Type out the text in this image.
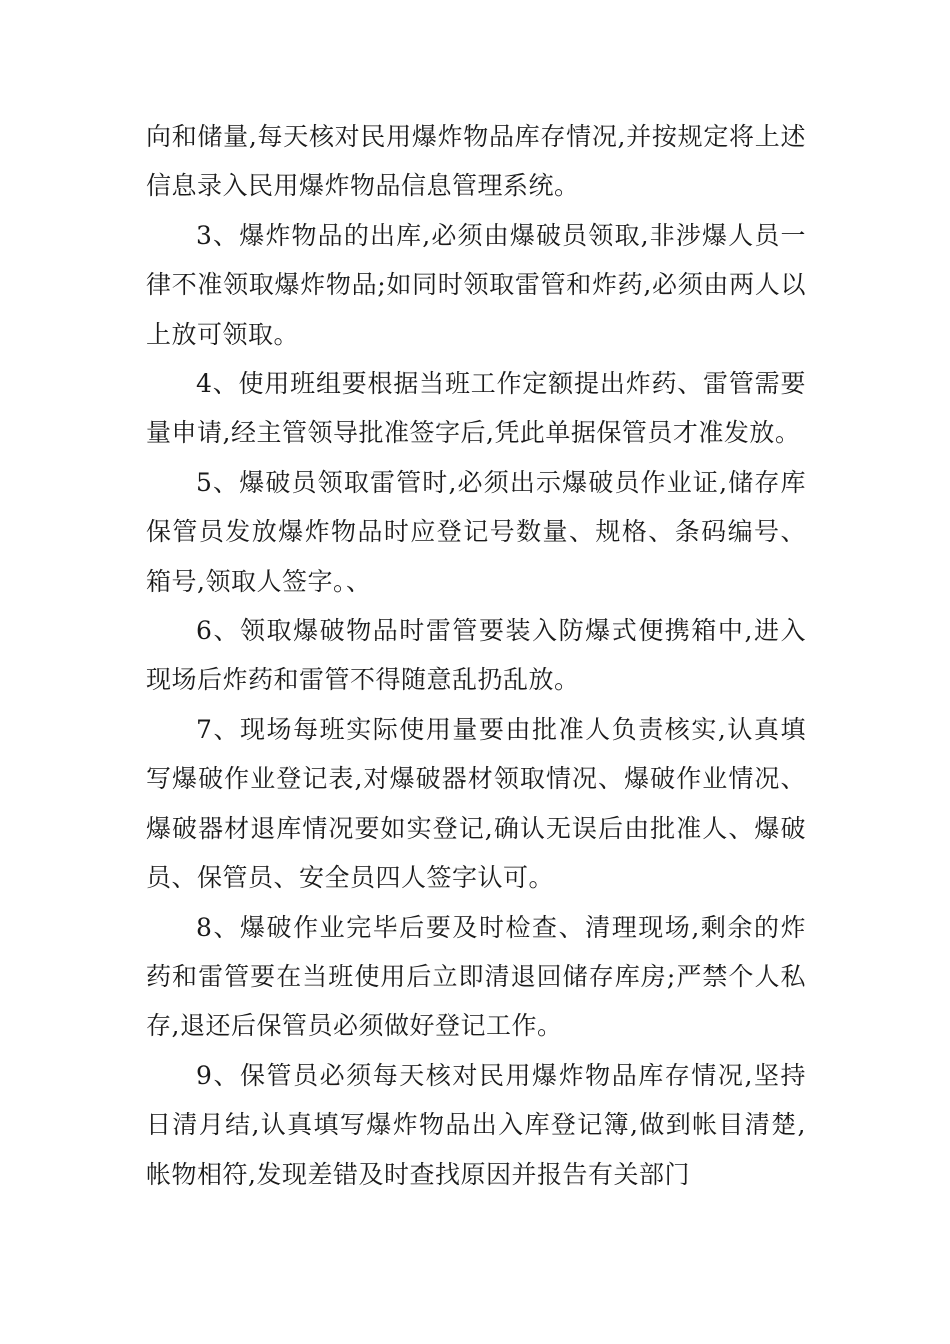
向和储量,每天核对民用爆炸物品库存情况,并按规定将上述信息录入民用爆炸物品信息管理系统。

3、爆炸物品的出库,必须由爆破员领取,非涉爆人员一律不准领取爆炸物品;如同时领取雷管和炸药,必须由两人以上放可领取。

4、使用班组要根据当班工作定额提出炸药、雷管需要量申请,经主管领导批准签字后,凭此单据保管员才准发放。

5、爆破员领取雷管时,必须出示爆破员作业证,储存库保管员发放爆炸物品时应登记号数量、规格、条码编号、箱号,领取人签字。、

6、领取爆破物品时雷管要装入防爆式便携箱中,进入现场后炸药和雷管不得随意乱扔乱放。

7、现场每班实际使用量要由批准人负责核实,认真填写爆破作业登记表,对爆破器材领取情况、爆破作业情况、爆破器材退库情况要如实登记,确认无误后由批准人、爆破员、保管员、安全员四人签字认可。

8、爆破作业完毕后要及时检查、清理现场,剩余的炸药和雷管要在当班使用后立即清退回储存库房;严禁个人私存,退还后保管员必须做好登记工作。

9、保管员必须每天核对民用爆炸物品库存情况,坚持日清月结,认真填写爆炸物品出入库登记簿,做到帐目清楚,帐物相符,发现差错及时查找原因并报告有关部门
